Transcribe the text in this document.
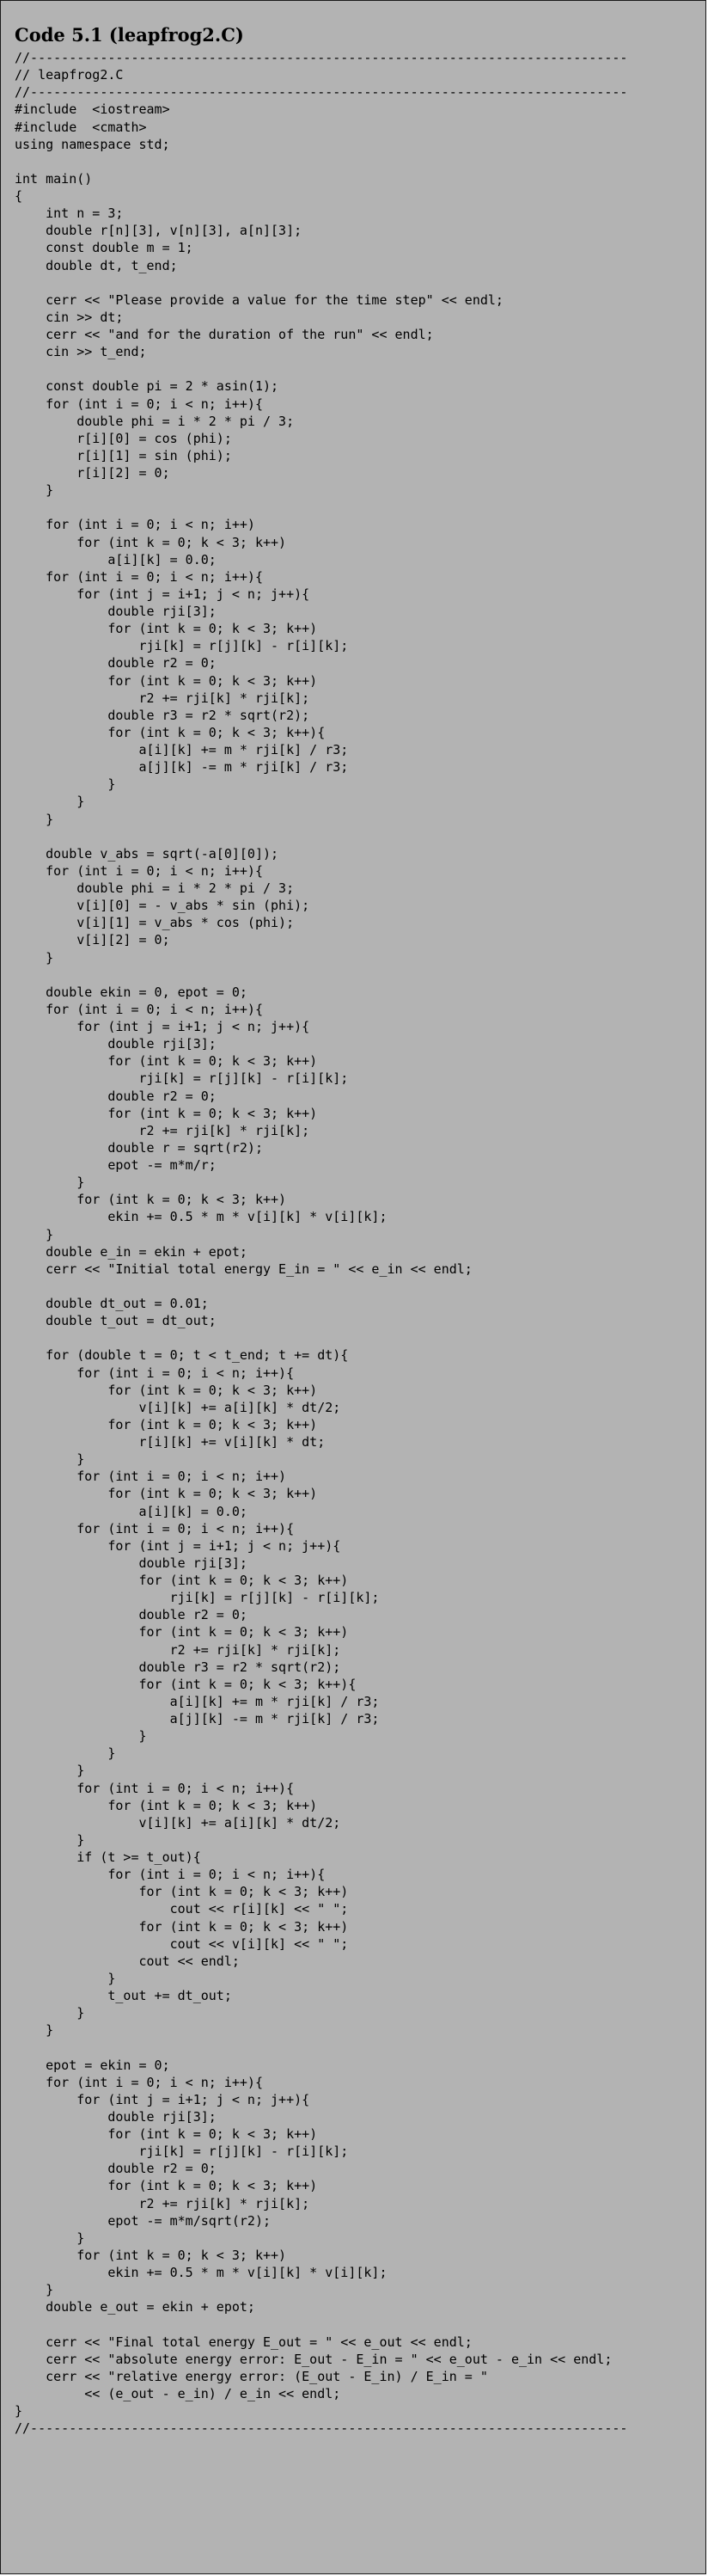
Code 5.1 (leapfrog2.C)
//-----------------------------------------------------------------------------
// leapfrog2.C
//-----------------------------------------------------------------------------
#include  <iostream>
#include  <cmath>
using namespace std;
int main()
{
int n = 3;
double r[n][3], v[n][3], a[n][3];
const double m = 1;
double dt, t_end;
cerr << "Please provide a value for the time step" << endl;
cin >> dt;
cerr << "and for the duration of the run" << endl;
cin >> t_end;
const double pi = 2 * asin(1);
for (int i = 0; i < n; i++){
double phi = i * 2 * pi / 3;
r[i][0] = cos (phi);
r[i][1] = sin (phi);
r[i][2] = 0;
}
for (int i = 0; i < n; i++)
for (int k = 0; k < 3; k++)
a[i][k] = 0.0;
for (int i = 0; i < n; i++){
for (int j = i+1; j < n; j++){
double rji[3];
for (int k = 0; k < 3; k++)
rji[k] = r[j][k] - r[i][k];
double r2 = 0;
for (int k = 0; k < 3; k++)
r2 += rji[k] * rji[k];
double r3 = r2 * sqrt(r2);
for (int k = 0; k < 3; k++){
a[i][k] += m * rji[k] / r3;
a[j][k] -= m * rji[k] / r3;
}
}
}
double v_abs = sqrt(-a[0][0]);
for (int i = 0; i < n; i++){
double phi = i * 2 * pi / 3;
v[i][0] = - v_abs * sin (phi);
v[i][1] = v_abs * cos (phi);
v[i][2] = 0;
}
double ekin = 0, epot = 0;
for (int i = 0; i < n; i++){
for (int j = i+1; j < n; j++){
double rji[3];
for (int k = 0; k < 3; k++)
rji[k] = r[j][k] - r[i][k];
double r2 = 0;
for (int k = 0; k < 3; k++)
r2 += rji[k] * rji[k];
double r = sqrt(r2);
epot -= m*m/r;
}
for (int k = 0; k < 3; k++)
ekin += 0.5 * m * v[i][k] * v[i][k];
}
double e_in = ekin + epot;
cerr << "Initial total energy E_in = " << e_in << endl;
double dt_out = 0.01;
double t_out = dt_out;
for (double t = 0; t < t_end; t += dt){
for (int i = 0; i < n; i++){
for (int k = 0; k < 3; k++)
v[i][k] += a[i][k] * dt/2;
for (int k = 0; k < 3; k++)
r[i][k] += v[i][k] * dt;
}
for (int i = 0; i < n; i++)
for (int k = 0; k < 3; k++)
a[i][k] = 0.0;
for (int i = 0; i < n; i++){
for (int j = i+1; j < n; j++){
double rji[3];
for (int k = 0; k < 3; k++)
rji[k] = r[j][k] - r[i][k];
double r2 = 0;
for (int k = 0; k < 3; k++)
r2 += rji[k] * rji[k];
double r3 = r2 * sqrt(r2);
for (int k = 0; k < 3; k++){
a[i][k] += m * rji[k] / r3;
a[j][k] -= m * rji[k] / r3;
}
}
}
for (int i = 0; i < n; i++){
for (int k = 0; k < 3; k++)
v[i][k] += a[i][k] * dt/2;
}
if (t >= t_out){
for (int i = 0; i < n; i++){
for (int k = 0; k < 3; k++)
cout << r[i][k] << " ";
for (int k = 0; k < 3; k++)
cout << v[i][k] << " ";
cout << endl;
}
t_out += dt_out;
}
}
epot = ekin = 0;
for (int i = 0; i < n; i++){
for (int j = i+1; j < n; j++){
double rji[3];
for (int k = 0; k < 3; k++)
rji[k] = r[j][k] - r[i][k];
double r2 = 0;
for (int k = 0; k < 3; k++)
r2 += rji[k] * rji[k];
epot -= m*m/sqrt(r2);
}
for (int k = 0; k < 3; k++)
ekin += 0.5 * m * v[i][k] * v[i][k];
}
double e_out = ekin + epot;
cerr << "Final total energy E_out = " << e_out << endl;
cerr << "absolute energy error: E_out - E_in = " << e_out - e_in << endl;
cerr << "relative energy error: (E_out - E_in) / E_in = "
<< (e_out - e_in) / e_in << endl;
}
//-----------------------------------------------------------------------------
